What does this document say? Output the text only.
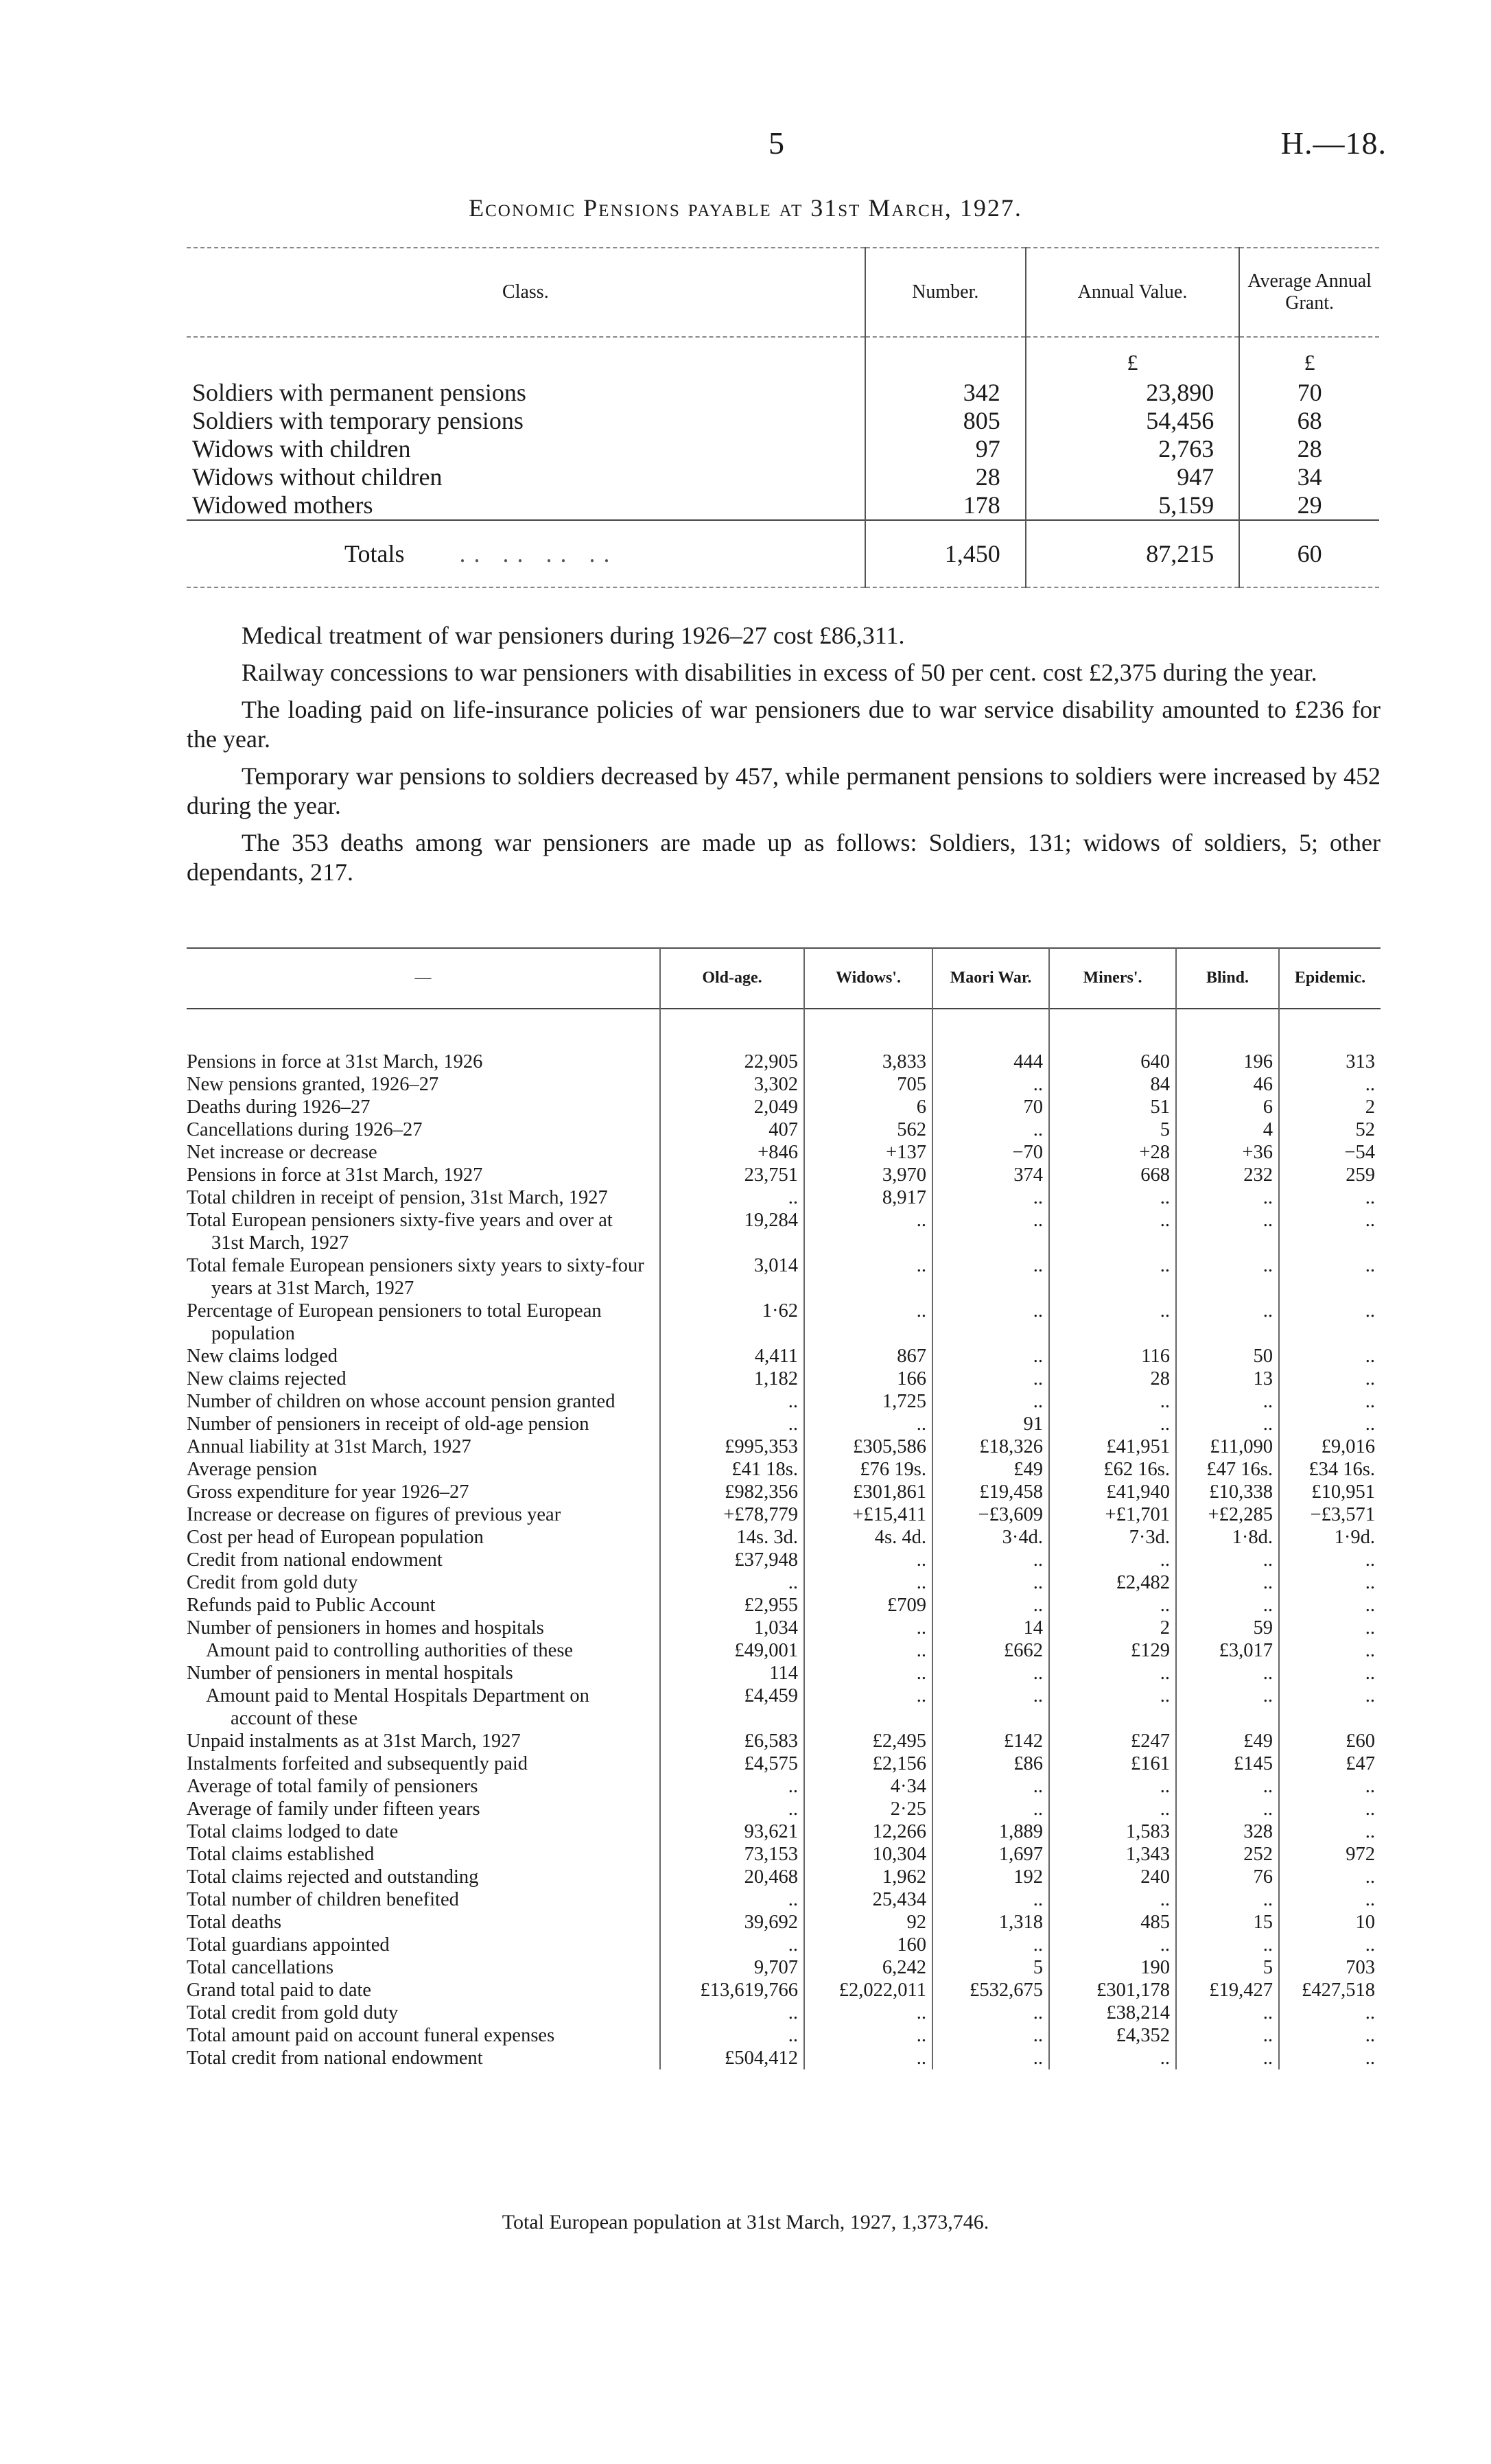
5	H.—18.
Economic Pensions payable at 31st March, 1927.
Class.	Number.	Annual Value.	Average Annual Grant.
		£	£
Soldiers with permanent pensions	342	23,890	70
Soldiers with temporary pensions	805	54,456	68
Widows with children	97	2,763	28
Widows without children	28	947	34
Widowed mothers	178	5,159	29
Totals .. .. .. ..	1,450	87,215	60

Medical treatment of war pensioners during 1926–27 cost £86,311.

Railway concessions to war pensioners with disabilities in excess of 50 per cent. cost £2,375 during the year.

The loading paid on life-insurance policies of war pensioners due to war service disability amounted to £236 for the year.

Temporary war pensions to soldiers decreased by 457, while permanent pensions to soldiers were increased by 452 during the year.

The 353 deaths among war pensioners are made up as follows: Soldiers, 131; widows of soldiers, 5; other dependants, 217.

—	Old-age.	Widows'.	Maori War.	Miners'.	Blind.	Epidemic.

Pensions in force at 31st March, 1926	22,905	3,833	444	640	196	313

New pensions granted, 1926–27	3,302	705	..	84	46	..

Deaths during 1926–27	2,049	6	70	51	6	2

Cancellations during 1926–27	407	562	..	5	4	52

Net increase or decrease	+846	+137	−70	+28	+36	−54

Pensions in force at 31st March, 1927	23,751	3,970	374	668	232	259

Total children in receipt of pension, 31st March, 1927	..	8,917	..	..	..	..

Total European pensioners sixty-five years and over at 31st March, 1927	19,284	..	..	..	..	..

Total female European pensioners sixty years to sixty-four years at 31st March, 1927	3,014	..	..	..	..	..

Percentage of European pensioners to total European population	1·62	..	..	..	..	..

New claims lodged	4,411	867	..	116	50	..

New claims rejected	1,182	166	..	28	13	..

Number of children on whose account pension granted	..	1,725	..	..	..	..

Number of pensioners in receipt of old-age pension	..	..	91	..	..	..

Annual liability at 31st March, 1927	£995,353	£305,586	£18,326	£41,951	£11,090	£9,016

Average pension	£41 18s.	£76 19s.	£49	£62 16s.	£47 16s.	£34 16s.

Gross expenditure for year 1926–27	£982,356	£301,861	£19,458	£41,940	£10,338	£10,951

Increase or decrease on figures of previous year	+£78,779	+£15,411	−£3,609	+£1,701	+£2,285	−£3,571

Cost per head of European population	14s. 3d.	4s. 4d.	3·4d.	7·3d.	1·8d.	1·9d.

Credit from national endowment	£37,948	..	..	..	..	..

Credit from gold duty	..	..	..	£2,482	..	..

Refunds paid to Public Account	£2,955	£709	..	..	..	..

Number of pensioners in homes and hospitals	1,034	..	14	2	59	..

Amount paid to controlling authorities of these	£49,001	..	£662	£129	£3,017	..

Number of pensioners in mental hospitals	114	..	..	..	..	..

Amount paid to Mental Hospitals Department on account of these	£4,459	..	..	..	..	..

Unpaid instalments as at 31st March, 1927	£6,583	£2,495	£142	£247	£49	£60

Instalments forfeited and subsequently paid	£4,575	£2,156	£86	£161	£145	£47

Average of total family of pensioners	..	4·34	..	..	..	..

Average of family under fifteen years	..	2·25	..	..	..	..

Total claims lodged to date	93,621	12,266	1,889	1,583	328	..

Total claims established	73,153	10,304	1,697	1,343	252	972

Total claims rejected and outstanding	20,468	1,962	192	240	76	..

Total number of children benefited	..	25,434	..	..	..	..

Total deaths	39,692	92	1,318	485	15	10

Total guardians appointed	..	160	..	..	..	..

Total cancellations	9,707	6,242	5	190	5	703

Grand total paid to date	£13,619,766	£2,022,011	£532,675	£301,178	£19,427	£427,518

Total credit from gold duty	..	..	..	£38,214	..	..

Total amount paid on account funeral expenses	..	..	..	£4,352	..	..

Total credit from national endowment	£504,412	..	..	..	..	..
Total European population at 31st March, 1927, 1,373,746.
